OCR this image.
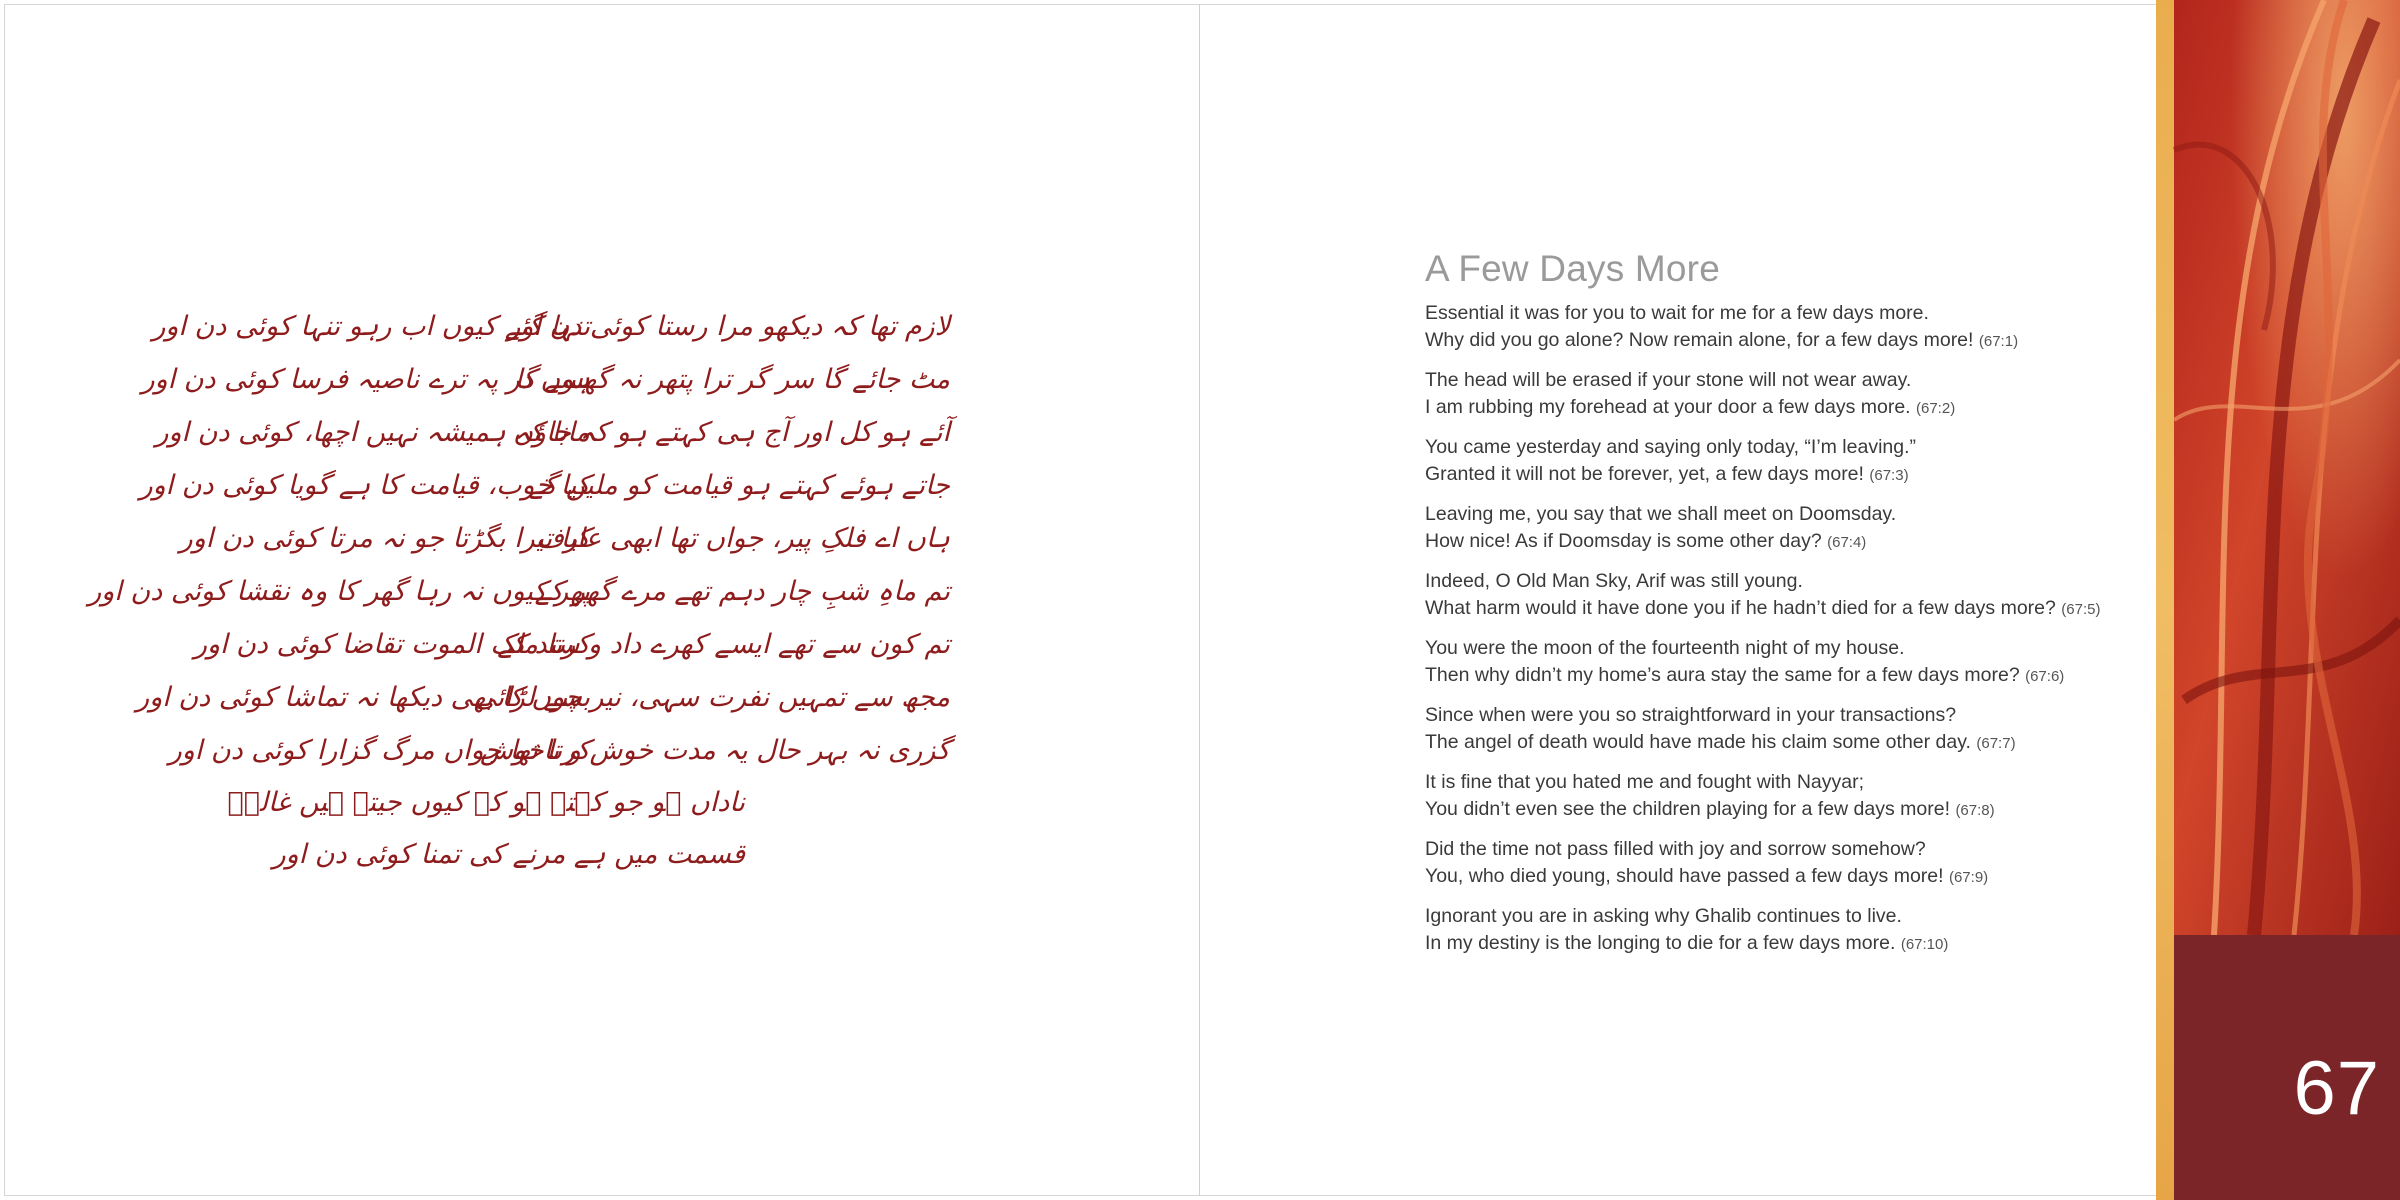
لازم تھا کہ دیکھو مرا رستا کوئی دن اور
تنہا گئے کیوں اب رہو تنہا کوئی دن اور
مٹ جائے گا سر گر ترا پتھر نہ گھسے گا
ہوں در پہ ترے ناصیہ فرسا کوئی دن اور
آئے ہو کل اور آج ہی کہتے ہو کہ جاؤں
مانا کہ ہمیشہ نہیں اچھا، کوئی دن اور
جاتے ہوئے کہتے ہو قیامت کو ملیں گے
کیا خوب، قیامت کا ہے گویا کوئی دن اور
ہاں اے فلکِ پیر، جواں تھا ابھی عارف
کیا تیرا بگڑتا جو نہ مرتا کوئی دن اور
تم ماہِ شبِ چار دہم تھے مرے گھر کے
پھر کیوں نہ رہا گھر کا وہ نقشا کوئی دن اور
تم کون سے تھے ایسے کھرے داد و ستد کے
کرتا ملک الموت تقاضا کوئی دن اور
مجھ سے تمہیں نفرت سہی، نیر سے لڑائی
بچوں کا بھی دیکھا نہ تماشا کوئی دن اور
گزری نہ بہر حال یہ مدت خوش و ناخوش
کرنا تھا جواں مرگ گزارا کوئی دن اور
ناداں ہو جو کہتے ہو کہ کیوں جیتے ہیں غالبؔ
قسمت میں ہے مرنے کی تمنا کوئی دن اور
A Few Days More
Essential it was for you to wait for me for a few days more.
Why did you go alone? Now remain alone, for a few days more! (67:1)
The head will be erased if your stone will not wear away.
I am rubbing my forehead at your door a few days more. (67:2)
You came yesterday and saying only today, “I’m leaving.”
Granted it will not be forever, yet, a few days more! (67:3)
Leaving me, you say that we shall meet on Doomsday.
How nice! As if Doomsday is some other day? (67:4)
Indeed, O Old Man Sky, Arif was still young.
What harm would it have done you if he hadn’t died for a few days more? (67:5)
You were the moon of the fourteenth night of my house.
Then why didn’t my home’s aura stay the same for a few days more? (67:6)
Since when were you so straightforward in your transactions?
The angel of death would have made his claim some other day. (67:7)
It is fine that you hated me and fought with Nayyar;
You didn’t even see the children playing for a few days more! (67:8)
Did the time not pass filled with joy and sorrow somehow?
You, who died young, should have passed a few days more! (67:9)
Ignorant you are in asking why Ghalib continues to live.
In my destiny is the longing to die for a few days more. (67:10)
67
